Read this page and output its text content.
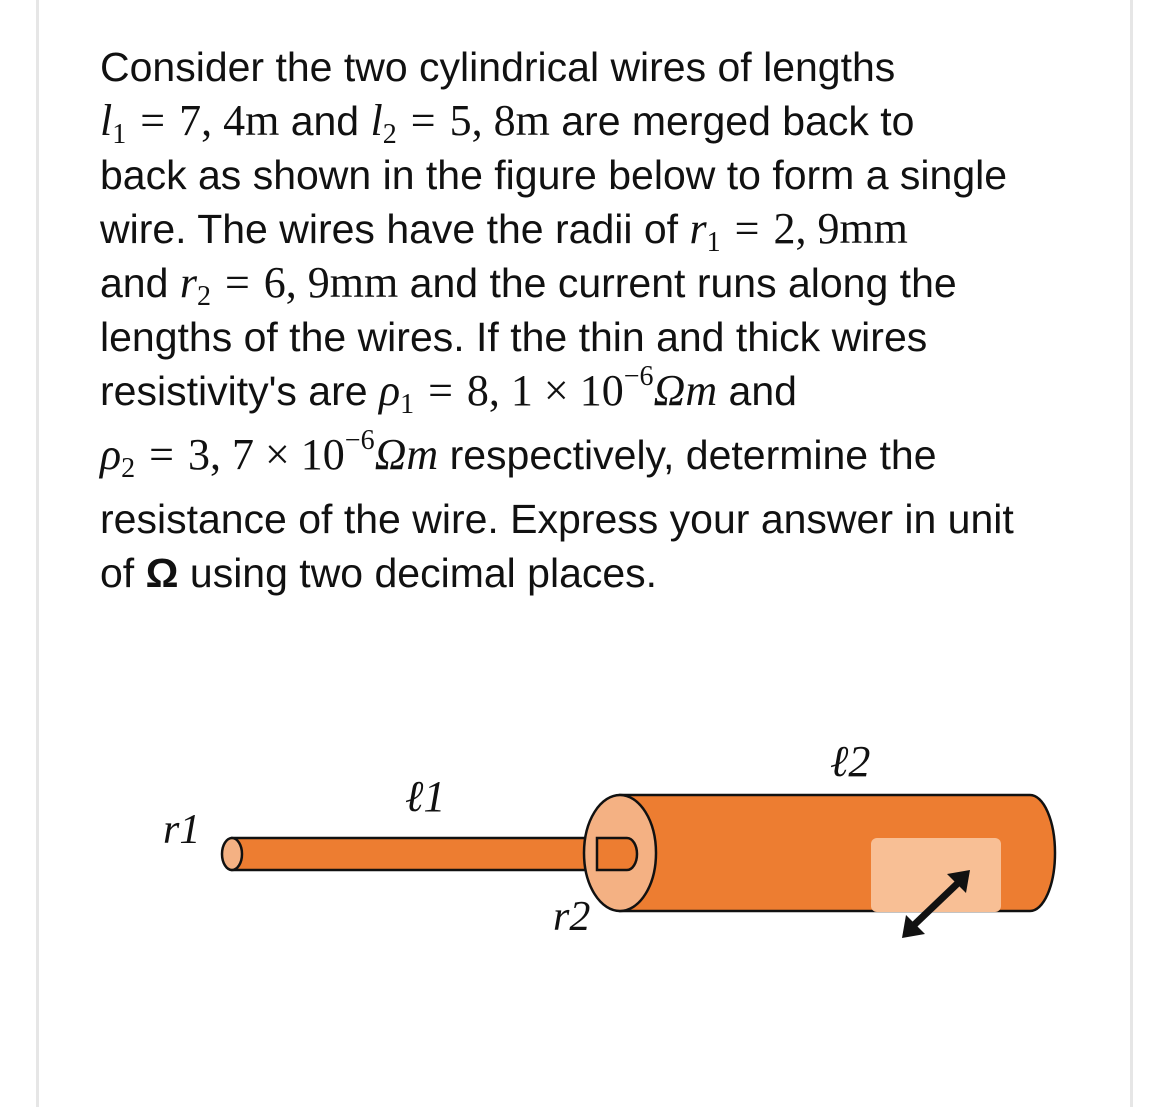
Consider the two cylindrical wires of lengths
$l_1 = 7$, 4m and $l_2 = 5$, 8m are merged back to
back as shown in the figure below to form a single
wire. The wires have the radii of $r_1 = 2$, 9mm
and $r_2 = 6$, 9mm and the current runs along the
lengths of the wires. If the thin and thick wires
resistivity's are $\rho_1 = 8$, $1 \times 10^{-6}\Omega m$ and
$\rho_2 = 3$, $7 \times 10^{-6}\Omega m$ respectively, determine the
resistance of the wire. Express your answer in unit
of Ω using two decimal places.
r1
ℓ1
r2
ℓ2
